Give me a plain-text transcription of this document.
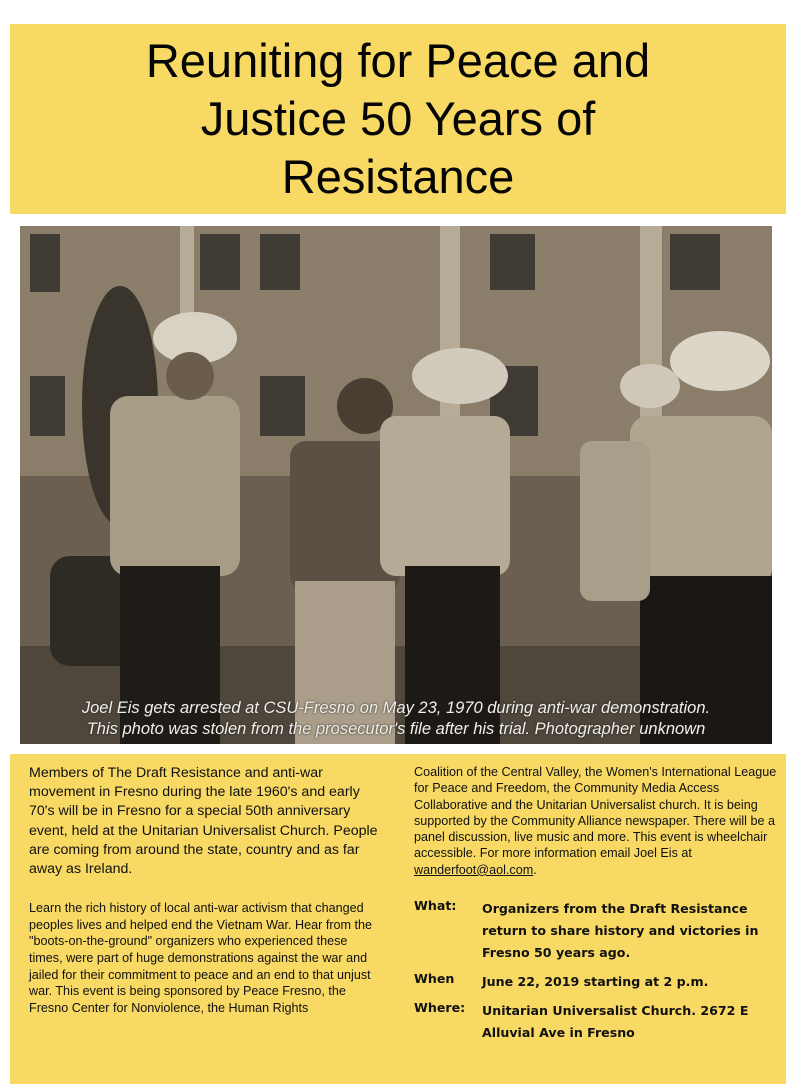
Reuniting for Peace and Justice 50 Years of Resistance
Joel Eis gets arrested at CSU-Fresno on May 23, 1970 during anti-war demonstration.
This photo was stolen from the prosecutor's file after his trial. Photographer unknown

Members of The Draft Resistance and anti-war movement in Fresno during the late 1960's and early 70's will be in Fresno for a special 50th anniversary event, held at the Unitarian Universalist Church. People are coming from around the state, country and as far away as Ireland.

Learn the rich history of local anti-war activism that changed peoples lives and helped end the Vietnam War. Hear from the "boots-on-the-ground" organizers who experienced these times, were part of huge demonstrations against the war and jailed for their commitment to peace and an end to that unjust war. This event is being sponsored by Peace Fresno, the Fresno Center for Nonviolence, the Human Rights

Coalition of the Central Valley, the Women's International League for Peace and Freedom, the Community Media Access Collaborative and the Unitarian Universalist church. It is being supported by the Community Alliance newspaper. There will be a panel discussion, live music and more. This event is wheelchair accessible. For more information email Joel Eis at wanderfoot@aol.com.

What:	Organizers from the Draft Resistance return to share history and victories in Fresno 50 years ago.
When	June 22, 2019 starting at 2 p.m.
Where:	Unitarian Universalist Church. 2672 E Alluvial Ave in Fresno
